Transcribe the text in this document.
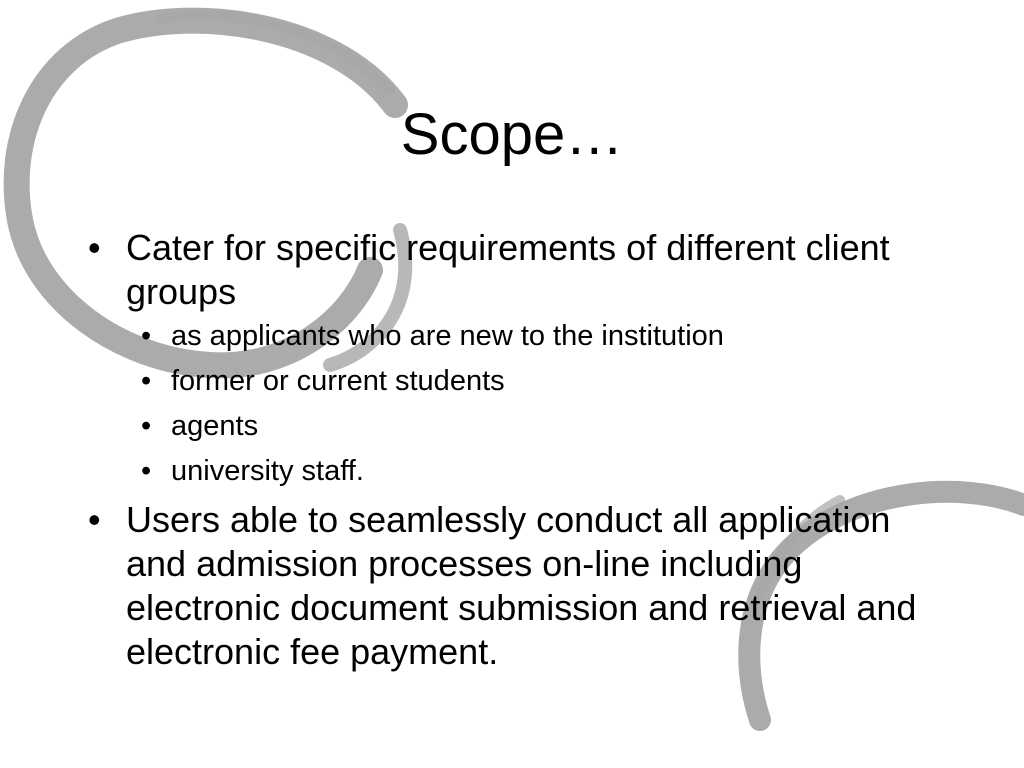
Scope…
• Cater for specific requirements of different client groups
• as applicants who are new to the institution
• former or current students
• agents
• university staff.
• Users able to seamlessly conduct all application and admission processes on-line including electronic document submission and retrieval and electronic fee payment.
